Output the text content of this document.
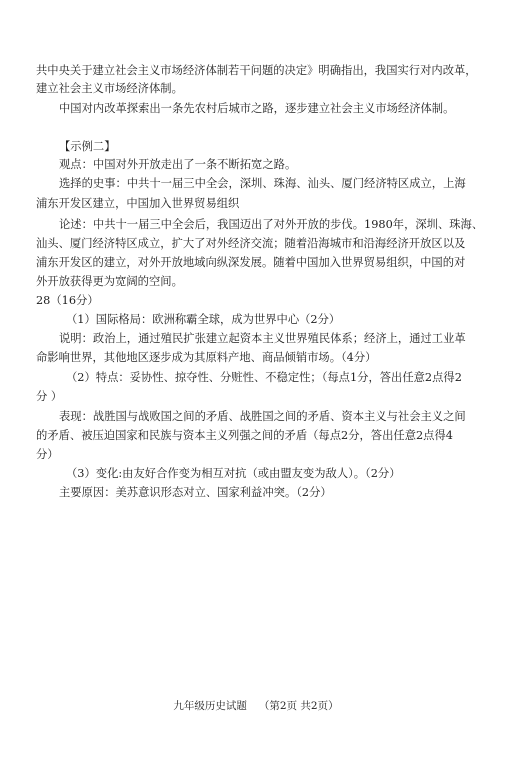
共中央关于建立社会主义市场经济体制若干问题的决定》明确指出，我国实行对内改革，
建立社会主义市场经济体制。
中国对内改革探索出一条先农村后城市之路，逐步建立社会主义市场经济体制。
【示例二】
观点：中国对外开放走出了一条不断拓宽之路。
选择的史事：中共十一届三中全会，深圳、珠海、汕头、厦门经济特区成立，上海
浦东开发区建立，中国加入世界贸易组织
论述：中共十一届三中全会后，我国迈出了对外开放的步伐。1980年，深圳、珠海、
汕头、厦门经济特区成立，扩大了对外经济交流；随着沿海城市和沿海经济开放区以及
浦东开发区的建立，对外开放地域向纵深发展。随着中国加入世界贸易组织，中国的对
外开放获得更为宽阔的空间。
28（16分）
（1）国际格局：欧洲称霸全球，成为世界中心（2分）
说明：政治上，通过殖民扩张建立起资本主义世界殖民体系；经济上，通过工业革
命影响世界，其他地区逐步成为其原料产地、商品倾销市场。（4分）
（2）特点：妥协性、掠夺性、分赃性、不稳定性；（每点1分，答出任意2点得2
分 ）
表现：战胜国与战败国之间的矛盾、战胜国之间的矛盾、资本主义与社会主义之间
的矛盾、被压迫国家和民族与资本主义列强之间的矛盾（每点2分，答出任意2点得4
分）
（3）变化:由友好合作变为相互对抗（或由盟友变为敌人）。（2分）
主要原因：美苏意识形态对立、国家利益冲突。（2分）
九年级历史试题 （第2页 共2页）
